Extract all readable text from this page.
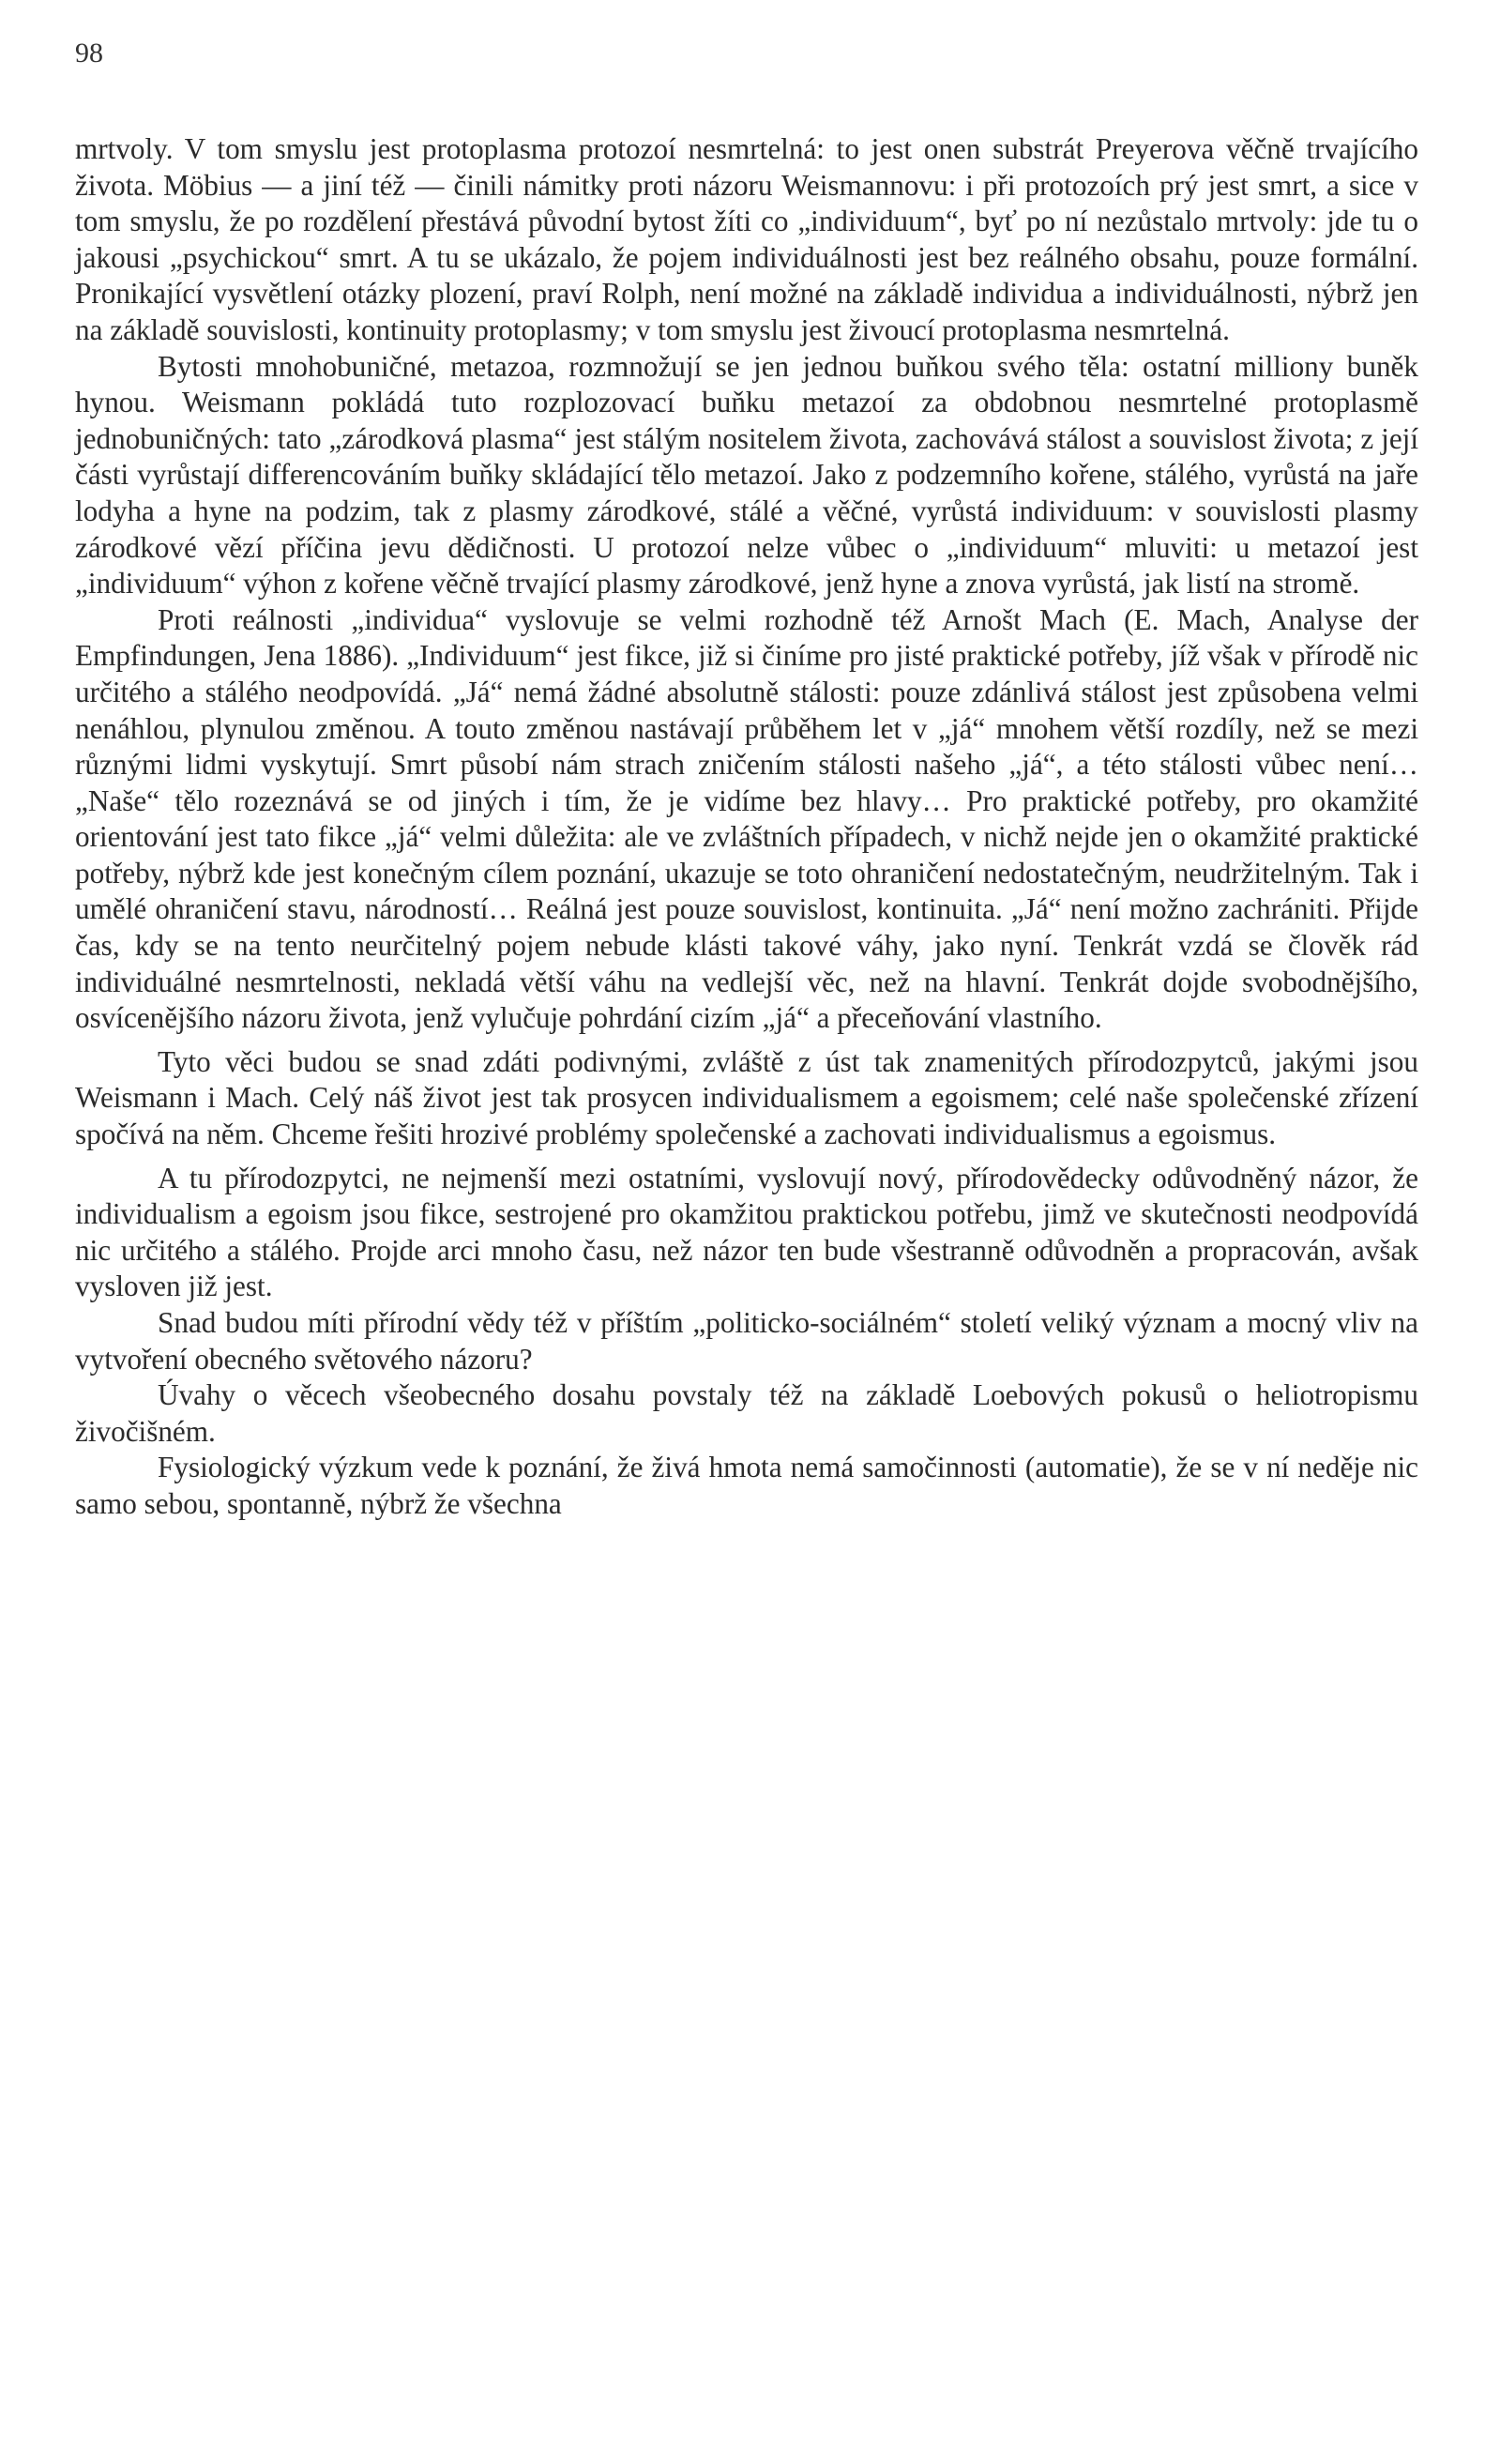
98

mrtvoly. V tom smyslu jest protoplasma protozoí nesmrtelná: to jest onen substrát Preyerova věčně trvajícího života. Möbius — a jiní též — činili námitky proti názoru Weismannovu: i při protozoích prý jest smrt, a sice v tom smyslu, že po rozdělení přestává původní bytost žíti co „individuum“, byť po ní nezůstalo mrtvoly: jde tu o jakousi „psychickou“ smrt. A tu se ukázalo, že pojem individuálnosti jest bez reálného obsahu, pouze formální. Pronikající vysvětlení otázky plození, praví Rolph, není možné na základě individua a individuálnosti, nýbrž jen na základě souvislosti, kontinuity protoplasmy; v tom smyslu jest živoucí protoplasma nesmrtelná.

Bytosti mnohobuničné, metazoa, rozmnožují se jen jednou buňkou svého těla: ostatní milliony buněk hynou. Weismann pokládá tuto rozplozovací buňku metazoí za obdobnou nesmrtelné protoplasmě jednobuničných: tato „zárodková plasma“ jest stálým nositelem života, zachovává stálost a souvislost života; z její části vyrůstají differencováním buňky skládající tělo metazoí. Jako z podzemního kořene, stálého, vyrůstá na jaře lodyha a hyne na podzim, tak z plasmy zárodkové, stálé a věčné, vyrůstá individuum: v souvislosti plasmy zárodkové vězí příčina jevu dědičnosti. U protozoí nelze vůbec o „individuum“ mluviti: u metazoí jest „individuum“ výhon z kořene věčně trvající plasmy zárodkové, jenž hyne a znova vyrůstá, jak listí na stromě.

Proti reálnosti „individua“ vyslovuje se velmi rozhodně též Arnošt Mach (E. Mach, Analyse der Empfindungen, Jena 1886). „Individuum“ jest fikce, již si činíme pro jisté praktické potřeby, jíž však v přírodě nic určitého a stálého neodpovídá. „Já“ nemá žádné absolutně stálosti: pouze zdánlivá stálost jest způsobena velmi nenáhlou, plynulou změnou. A touto změnou nastávají průběhem let v „já“ mnohem větší rozdíly, než se mezi různými lidmi vyskytují. Smrt působí nám strach zničením stálosti našeho „já“, a této stálosti vůbec není… „Naše“ tělo rozeznává se od jiných i tím, že je vidíme bez hlavy… Pro praktické potřeby, pro okamžité orientování jest tato fikce „já“ velmi důležita: ale ve zvláštních případech, v nichž nejde jen o okamžité praktické potřeby, nýbrž kde jest konečným cílem poznání, ukazuje se toto ohraničení nedostatečným, neudržitelným. Tak i umělé ohraničení stavu, národností… Reálná jest pouze souvislost, kontinuita. „Já“ není možno zachrániti. Přijde čas, kdy se na tento neurčitelný pojem nebude klásti takové váhy, jako nyní. Tenkrát vzdá se člověk rád individuálné nesmrtelnosti, nekladá větší váhu na vedlejší věc, než na hlavní. Tenkrát dojde svobodnějšího, osvícenějšího názoru života, jenž vylučuje pohrdání cizím „já“ a přeceňování vlastního.

Tyto věci budou se snad zdáti podivnými, zvláště z úst tak znamenitých přírodozpytců, jakými jsou Weismann i Mach. Celý náš život jest tak prosycen individualismem a egoismem; celé naše společenské zřízení spočívá na něm. Chceme řešiti hrozivé problémy společenské a zachovati individualismus a egoismus.

A tu přírodozpytci, ne nejmenší mezi ostatními, vyslovují nový, přírodovědecky odůvodněný názor, že individualism a egoism jsou fikce, sestrojené pro okamžitou praktickou potřebu, jimž ve skutečnosti neodpovídá nic určitého a stálého. Projde arci mnoho času, než názor ten bude všestranně odůvodněn a propracován, avšak vysloven již jest.

Snad budou míti přírodní vědy též v příštím „politicko-sociálném“ století veliký význam a mocný vliv na vytvoření obecného světového názoru?

Úvahy o věcech všeobecného dosahu povstaly též na základě Loebových pokusů o heliotropismu živočišném.

Fysiologický výzkum vede k poznání, že živá hmota nemá samočinnosti (automatie), že se v ní neděje nic samo sebou, spontanně, nýbrž že všechna
